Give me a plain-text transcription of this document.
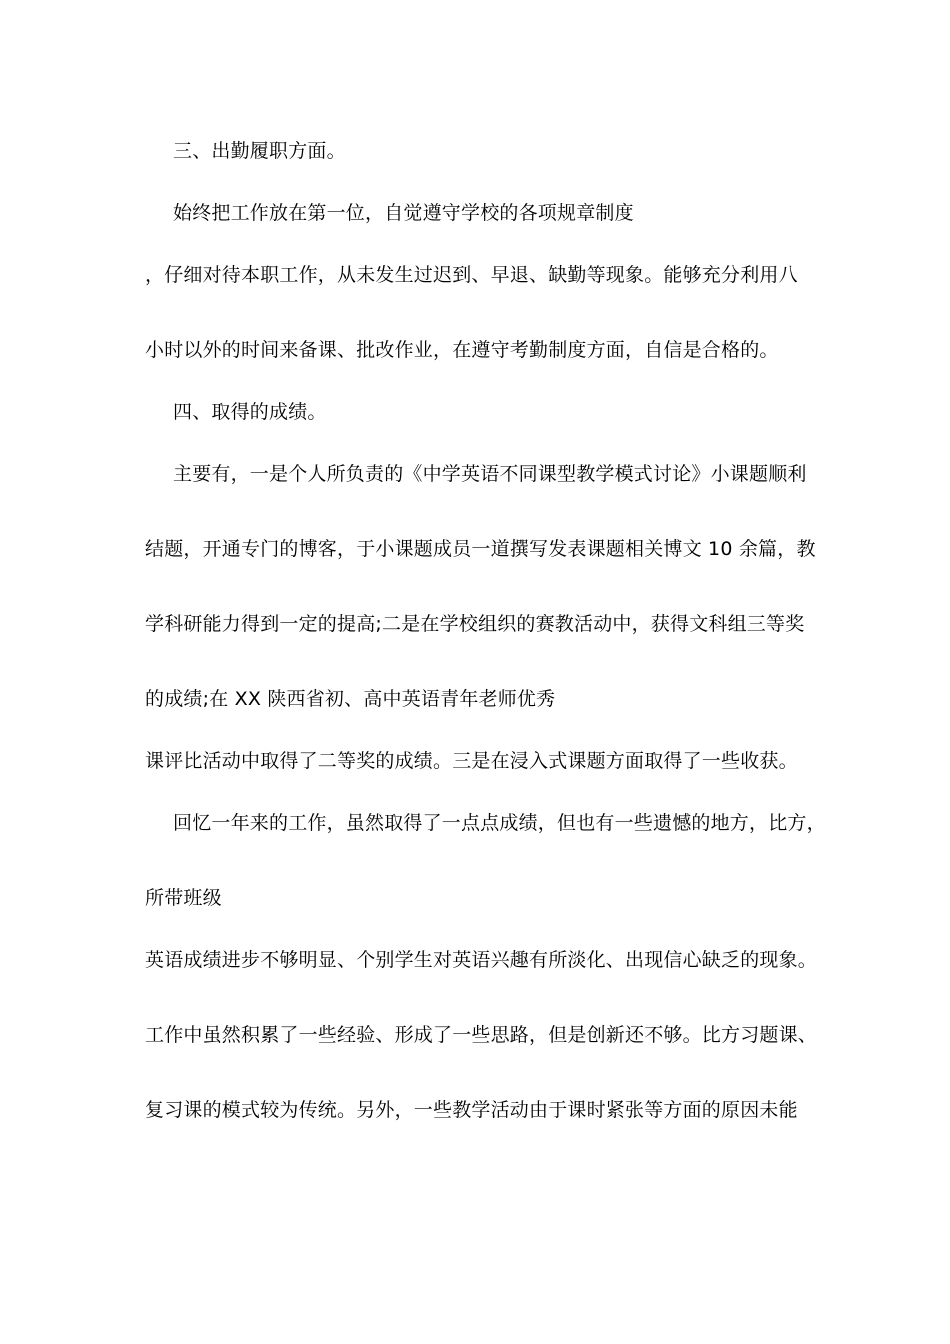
三、出勤履职方面。
始终把工作放在第一位，自觉遵守学校的各项规章制度
，仔细对待本职工作，从未发生过迟到、早退、缺勤等现象。能够充分利用八
小时以外的时间来备课、批改作业，在遵守考勤制度方面，自信是合格的。
四、取得的成绩。
主要有，一是个人所负责的《中学英语不同课型教学模式讨论》小课题顺利
结题，开通专门的博客，于小课题成员一道撰写发表课题相关博文 10 余篇，教
学科研能力得到一定的提高;二是在学校组织的赛教活动中，获得文科组三等奖
的成绩;在 XX 陕西省初、高中英语青年老师优秀
课评比活动中取得了二等奖的成绩。三是在浸入式课题方面取得了一些收获。
回忆一年来的工作，虽然取得了一点点成绩，但也有一些遗憾的地方，比方，
所带班级
英语成绩进步不够明显、个别学生对英语兴趣有所淡化、出现信心缺乏的现象。
工作中虽然积累了一些经验、形成了一些思路，但是创新还不够。比方习题课、
复习课的模式较为传统。另外，一些教学活动由于课时紧张等方面的原因未能
